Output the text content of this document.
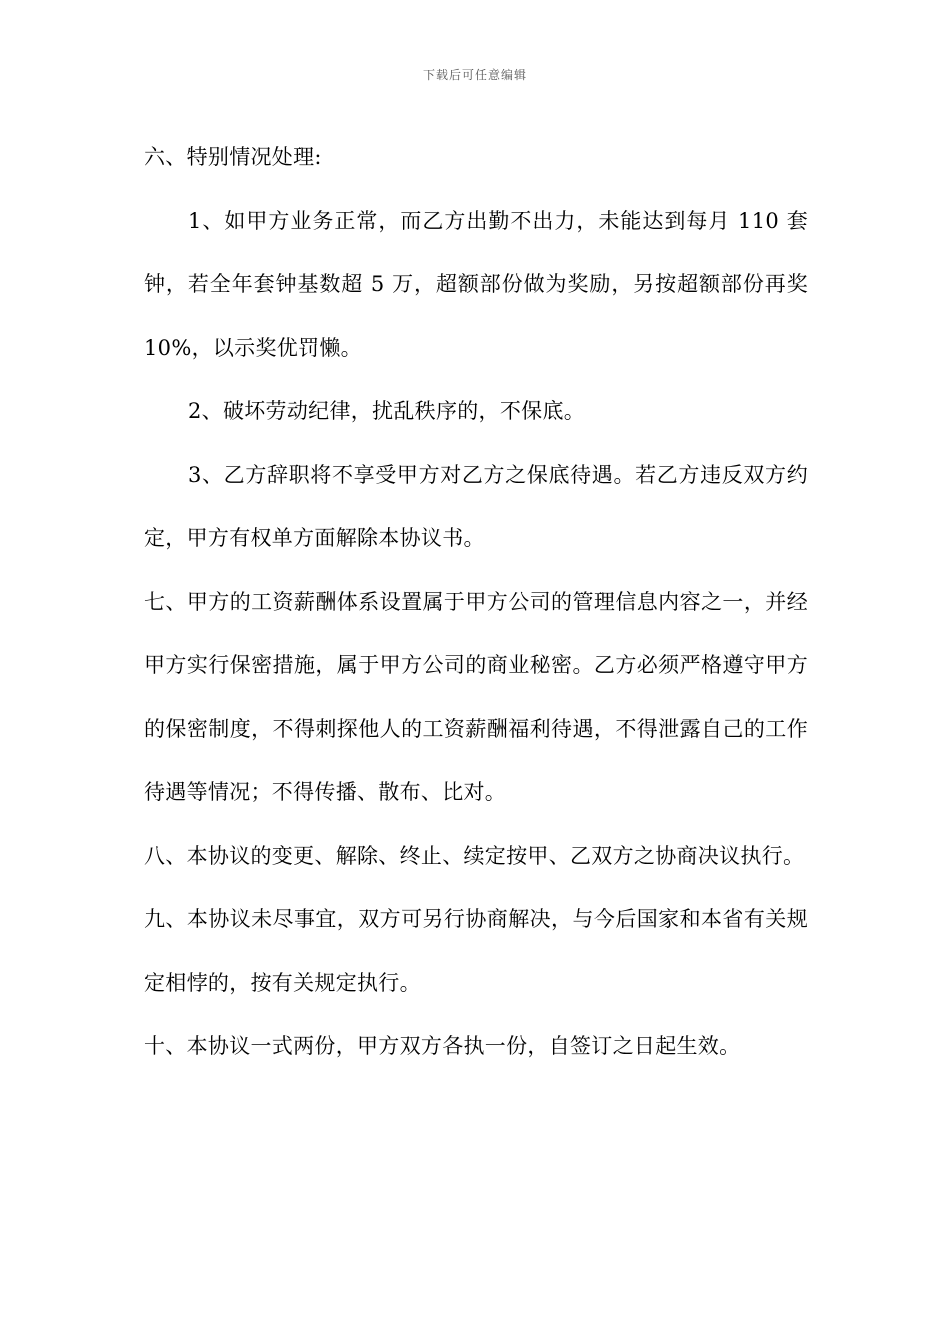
下载后可任意编辑

六、特别情况处理:

1、如甲方业务正常，而乙方出勤不出力，未能达到每月 110 套钟，若全年套钟基数超 5 万，超额部份做为奖励，另按超额部份再奖 10%，以示奖优罚懒。

2、破坏劳动纪律，扰乱秩序的，不保底。

3、乙方辞职将不享受甲方对乙方之保底待遇。若乙方违反双方约定，甲方有权单方面解除本协议书。

七、甲方的工资薪酬体系设置属于甲方公司的管理信息内容之一，并经甲方实行保密措施，属于甲方公司的商业秘密。乙方必须严格遵守甲方的保密制度，不得刺探他人的工资薪酬福利待遇，不得泄露自己的工作待遇等情况；不得传播、散布、比对。

八、本协议的变更、解除、终止、续定按甲、乙双方之协商决议执行。

九、本协议未尽事宜，双方可另行协商解决，与今后国家和本省有关规定相悖的，按有关规定执行。

十、本协议一式两份，甲方双方各执一份，自签订之日起生效。
